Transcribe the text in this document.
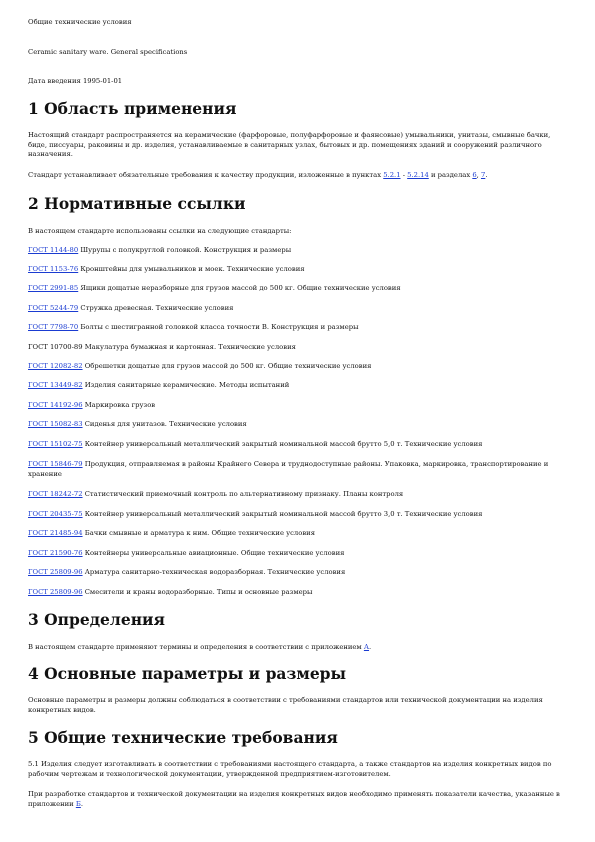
Общие технические условия

Ceramic sanitary ware. General specifications

Дата введения 1995-01-01

1 Область применения

Настоящий стандарт распространяется на керамические (фарфоровые, полуфарфоровые и фаянсовые) умывальники, унитазы, смывные бачки, биде, писсуары, раковины и др. изделия, устанавливаемые в санитарных узлах, бытовых и др. помещениях зданий и сооружений различного назначения.

Стандарт устанавливает обязательные требования к качеству продукции, изложенные в пунктах 5.2.1 - 5.2.14 и разделах 6, 7.

2 Нормативные ссылки

В настоящем стандарте использованы ссылки на следующие стандарты:

ГОСТ 1144-80 Шурупы с полукруглой головкой. Конструкция и размеры

ГОСТ 1153-76 Кронштейны для умывальников и моек. Технические условия

ГОСТ 2991-85 Ящики дощатые неразборные для грузов массой до 500 кг. Общие технические условия

ГОСТ 5244-79 Стружка древесная. Технические условия

ГОСТ 7798-70 Болты с шестигранной головкой класса точности В. Конструкция и размеры

ГОСТ 10700-89 Макулатура бумажная и картонная. Технические условия

ГОСТ 12082-82 Обрешетки дощатые для грузов массой до 500 кг. Общие технические условия

ГОСТ 13449-82 Изделия санитарные керамические. Методы испытаний

ГОСТ 14192-96 Маркировка грузов

ГОСТ 15082-83 Сиденья для унитазов. Технические условия

ГОСТ 15102-75 Контейнер универсальный металлический закрытый номинальной массой брутто 5,0 т. Технические условия

ГОСТ 15846-79 Продукция, отправляемая в районы Крайнего Севера и труднодоступные районы. Упаковка, маркировка, транспортирование и хранение

ГОСТ 18242-72 Статистический приемочный контроль по альтернативному признаку. Планы контроля

ГОСТ 20435-75 Контейнер универсальный металлический закрытый номинальной массой брутто 3,0 т. Технические условия

ГОСТ 21485-94 Бачки смывные и арматура к ним. Общие технические условия

ГОСТ 21590-76 Контейнеры универсальные авиационные. Общие технические условия

ГОСТ 25809-96 Арматура санитарно-техническая водоразборная. Технические условия

ГОСТ 25809-96 Смесители и краны водоразборные. Типы и основные размеры

3 Определения

В настоящем стандарте применяют термины и определения в соответствии с приложением А.

4 Основные параметры и размеры

Основные параметры и размеры должны соблюдаться в соответствии с требованиями стандартов или технической документации на изделия конкретных видов.

5 Общие технические требования

5.1 Изделия следует изготавливать в соответствии с требованиями настоящего стандарта, а также стандартов на изделия конкретных видов по рабочим чертежам и технологической документации, утвержденной предприятием-изготовителем.

При разработке стандартов и технической документации на изделия конкретных видов необходимо применять показатели качества, указанные в приложении Б.
